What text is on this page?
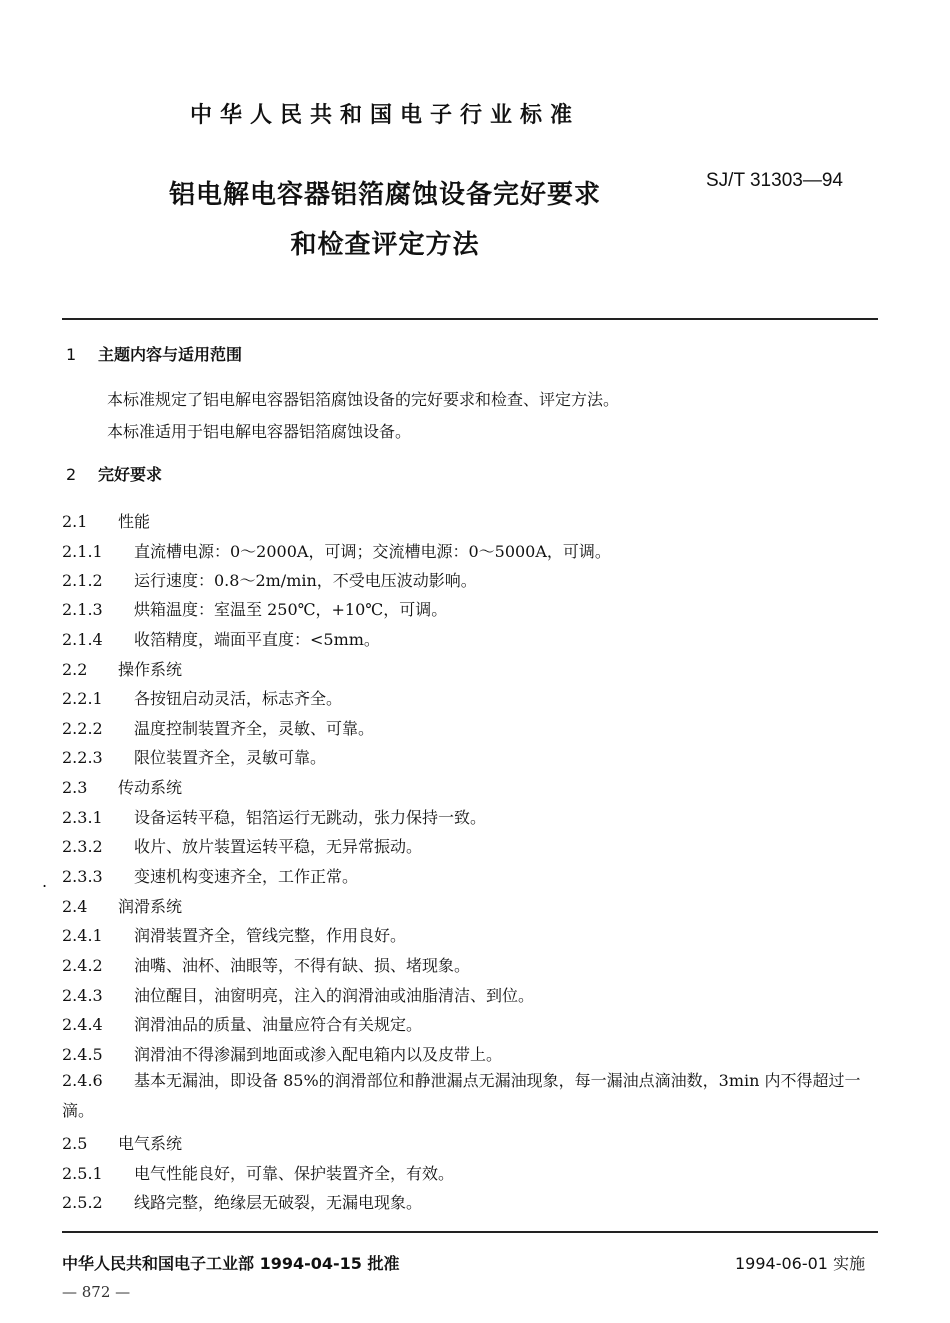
中华人民共和国电子行业标准
铝电解电容器铝箔腐蚀设备完好要求
和检查评定方法
SJ/T 31303—94
1 主题内容与适用范围
本标准规定了铝电解电容器铝箔腐蚀设备的完好要求和检查、评定方法。
本标准适用于铝电解电容器铝箔腐蚀设备。
2 完好要求
2.1 性能
2.1.1 直流槽电源：0～2000A，可调；交流槽电源：0～5000A，可调。
2.1.2 运行速度：0.8～2m/min，不受电压波动影响。
2.1.3 烘箱温度：室温至 250℃，+10℃，可调。
2.1.4 收箔精度，端面平直度：<5mm。
2.2 操作系统
2.2.1 各按钮启动灵活，标志齐全。
2.2.2 温度控制装置齐全，灵敏、可靠。
2.2.3 限位装置齐全，灵敏可靠。
2.3 传动系统
2.3.1 设备运转平稳，铝箔运行无跳动，张力保持一致。
2.3.2 收片、放片装置运转平稳，无异常振动。
. 2.3.3 变速机构变速齐全，工作正常。
2.4 润滑系统
2.4.1 润滑装置齐全，管线完整，作用良好。
2.4.2 油嘴、油杯、油眼等，不得有缺、损、堵现象。
2.4.3 油位醒目，油窗明亮，注入的润滑油或油脂清洁、到位。
2.4.4 润滑油品的质量、油量应符合有关规定。
2.4.5 润滑油不得渗漏到地面或渗入配电箱内以及皮带上。
2.4.6 基本无漏油，即设备 85%的润滑部位和静泄漏点无漏油现象，每一漏油点滴油数，3min 内不得超过一滴。
2.5 电气系统
2.5.1 电气性能良好，可靠、保护装置齐全，有效。
2.5.2 线路完整，绝缘层无破裂，无漏电现象。
中华人民共和国电子工业部 1994-04-15 批准	1994-06-01 实施
— 872 —
